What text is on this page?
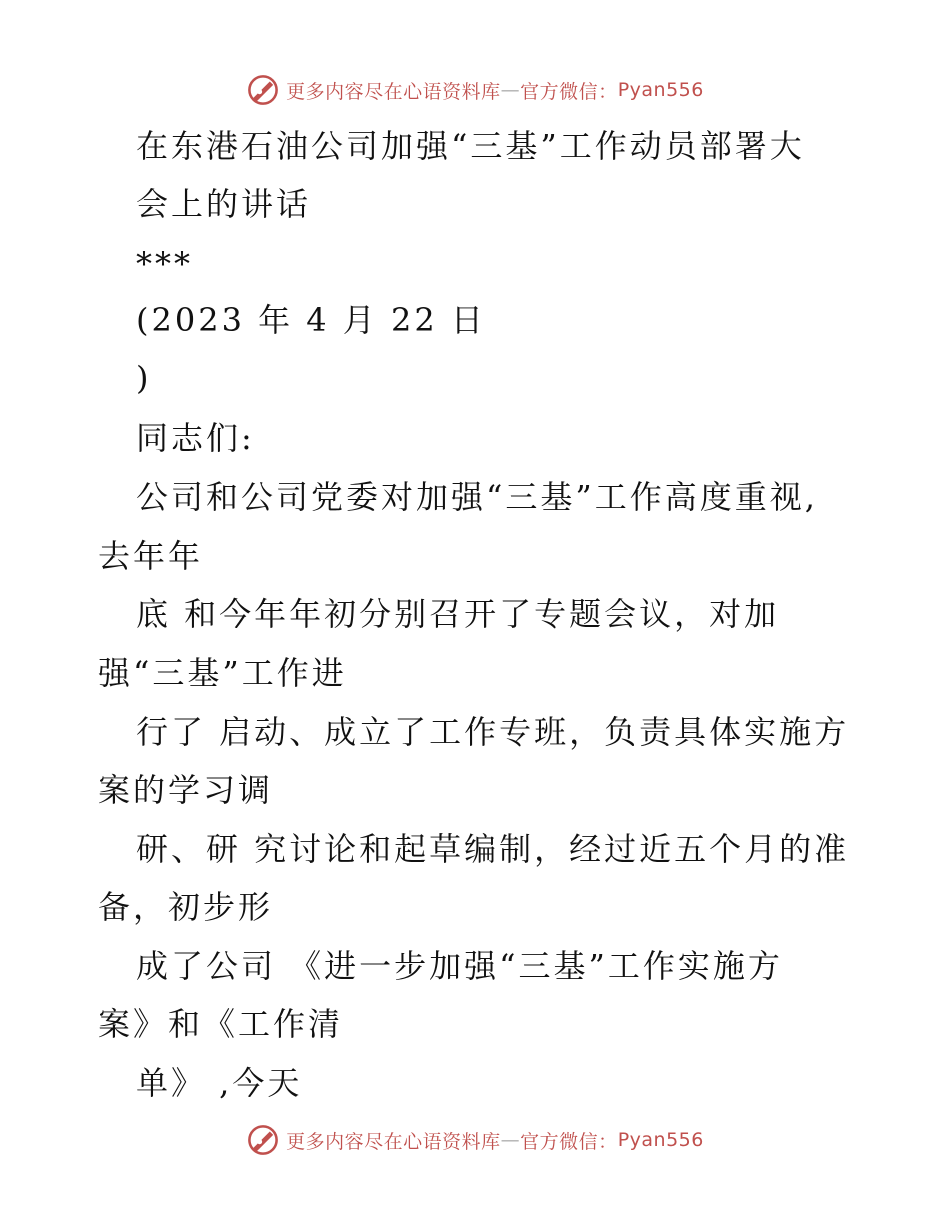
更多内容尽在心语资料库 — 官方微信： Pyan556

在东港石油公司加强“三基”工作动员部署大

会上的讲话

***

(2023 年 4 月 22 日

)

同志们:

公司和公司党委对加强“三基”工作高度重视,

去年年

底 和今年年初分别召开了专题会议，对加

强“三基”工作进

行了 启动、成立了工作专班，负责具体实施方

案的学习调

研、研 究讨论和起草编制，经过近五个月的准

备，初步形

成了公司 《进一步加强“三基”工作实施方

案》和《工作清

单》 ,今天

更多内容尽在心语资料库 — 官方微信： Pyan556
